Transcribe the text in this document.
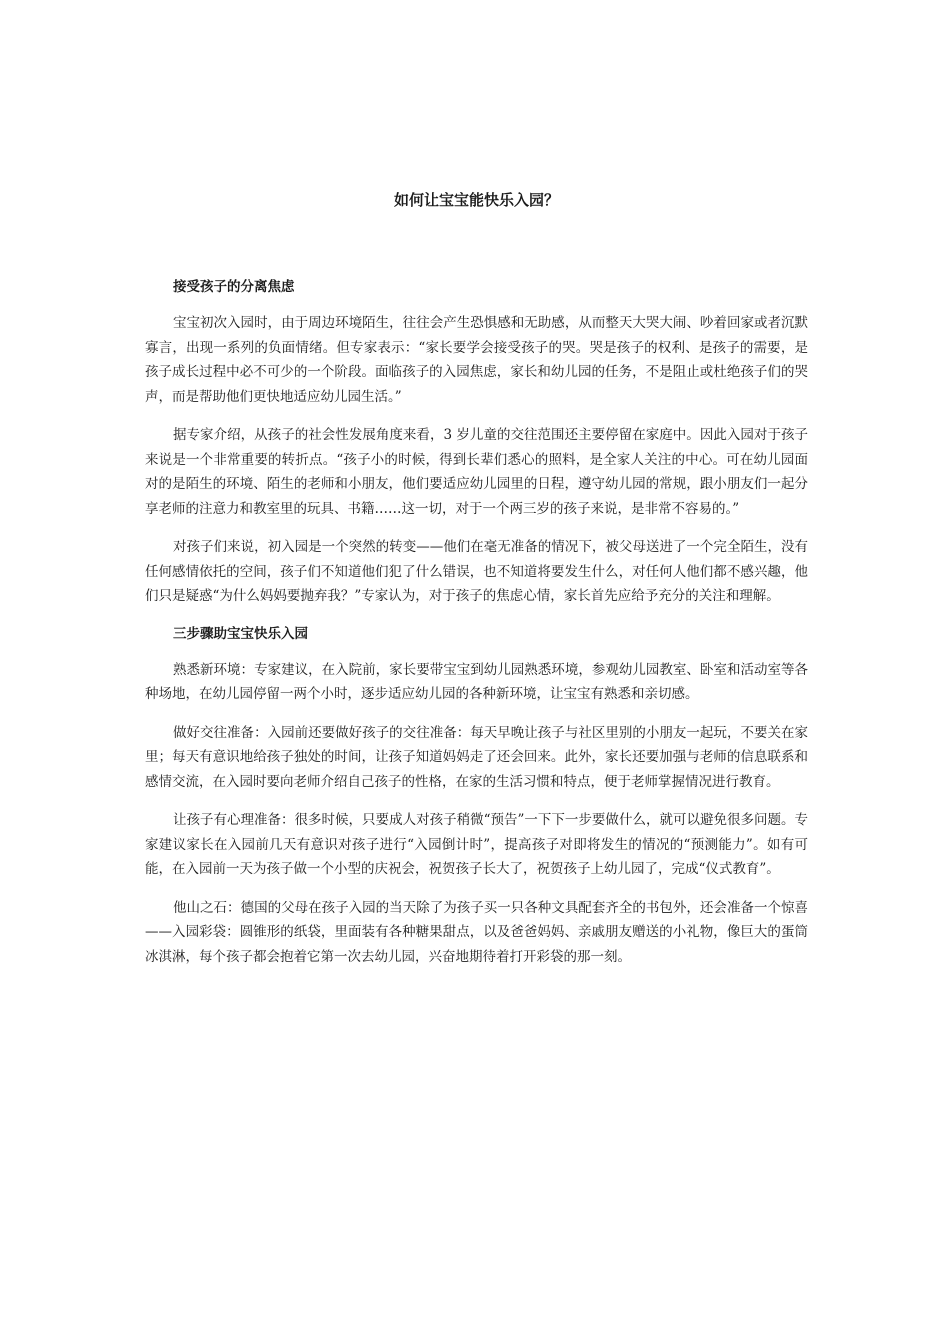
如何让宝宝能快乐入园？
接受孩子的分离焦虑

宝宝初次入园时，由于周边环境陌生，往往会产生恐惧感和无助感，从而整天大哭大闹、吵着回家或者沉默寡言，出现一系列的负面情绪。但专家表示：“家长要学会接受孩子的哭。哭是孩子的权利、是孩子的需要，是孩子成长过程中必不可少的一个阶段。面临孩子的入园焦虑，家长和幼儿园的任务，不是阻止或杜绝孩子们的哭声，而是帮助他们更快地适应幼儿园生活。”

据专家介绍，从孩子的社会性发展角度来看，3 岁儿童的交往范围还主要停留在家庭中。因此入园对于孩子来说是一个非常重要的转折点。“孩子小的时候，得到长辈们悉心的照料，是全家人关注的中心。可在幼儿园面对的是陌生的环境、陌生的老师和小朋友，他们要适应幼儿园里的日程，遵守幼儿园的常规，跟小朋友们一起分享老师的注意力和教室里的玩具、书籍……这一切，对于一个两三岁的孩子来说，是非常不容易的。”

对孩子们来说，初入园是一个突然的转变——他们在毫无准备的情况下，被父母送进了一个完全陌生，没有任何感情依托的空间，孩子们不知道他们犯了什么错误，也不知道将要发生什么，对任何人他们都不感兴趣，他们只是疑惑“为什么妈妈要抛弃我？”专家认为，对于孩子的焦虑心情，家长首先应给予充分的关注和理解。

三步骤助宝宝快乐入园

熟悉新环境：专家建议，在入院前，家长要带宝宝到幼儿园熟悉环境，参观幼儿园教室、卧室和活动室等各种场地，在幼儿园停留一两个小时，逐步适应幼儿园的各种新环境，让宝宝有熟悉和亲切感。

做好交往准备：入园前还要做好孩子的交往准备：每天早晚让孩子与社区里别的小朋友一起玩，不要关在家里；每天有意识地给孩子独处的时间，让孩子知道妈妈走了还会回来。此外，家长还要加强与老师的信息联系和感情交流，在入园时要向老师介绍自己孩子的性格，在家的生活习惯和特点，便于老师掌握情况进行教育。

让孩子有心理准备：很多时候，只要成人对孩子稍微“预告”一下下一步要做什么，就可以避免很多问题。专家建议家长在入园前几天有意识对孩子进行“入园倒计时”，提高孩子对即将发生的情况的“预测能力”。如有可能，在入园前一天为孩子做一个小型的庆祝会，祝贺孩子长大了，祝贺孩子上幼儿园了，完成“仪式教育”。

他山之石：德国的父母在孩子入园的当天除了为孩子买一只各种文具配套齐全的书包外，还会准备一个惊喜——入园彩袋：圆锥形的纸袋，里面装有各种糖果甜点，以及爸爸妈妈、亲戚朋友赠送的小礼物，像巨大的蛋筒冰淇淋，每个孩子都会抱着它第一次去幼儿园，兴奋地期待着打开彩袋的那一刻。
